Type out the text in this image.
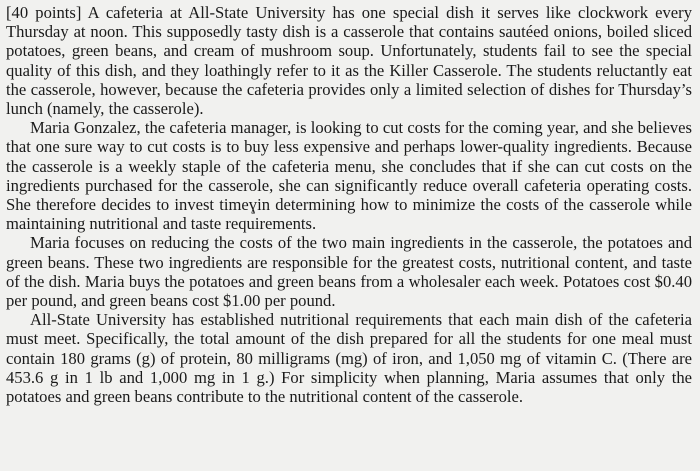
[40 points] A cafeteria at All-State University has one special dish it serves like clockwork every Thursday at noon. This supposedly tasty dish is a casserole that contains sautéed onions, boiled sliced potatoes, green beans, and cream of mushroom soup. Unfortunately, students fail to see the special quality of this dish, and they loathingly refer to it as the Killer Casserole. The students reluctantly eat the casserole, however, because the cafeteria provides only a limited selection of dishes for Thursday’s lunch (namely, the casserole).

Maria Gonzalez, the cafeteria manager, is looking to cut costs for the coming year, and she believes that one sure way to cut costs is to buy less expensive and perhaps lower-quality ingredients. Because the casserole is a weekly staple of the cafeteria menu, she concludes that if she can cut costs on the ingredients purchased for the casserole, she can significantly reduce overall cafeteria operating costs. She therefore decides to invest timeɣin determining how to minimize the costs of the casserole while maintaining nutritional and taste requirements.

Maria focuses on reducing the costs of the two main ingredients in the casserole, the potatoes and green beans. These two ingredients are responsible for the greatest costs, nutritional content, and taste of the dish. Maria buys the potatoes and green beans from a wholesaler each week. Potatoes cost $0.40 per pound, and green beans cost $1.00 per pound.

All-State University has established nutritional requirements that each main dish of the cafeteria must meet. Specifically, the total amount of the dish prepared for all the students for one meal must contain 180 grams (g) of protein, 80 milligrams (mg) of iron, and 1,050 mg of vitamin C. (There are 453.6 g in 1 lb and 1,000 mg in 1 g.) For simplicity when planning, Maria assumes that only the potatoes and green beans contribute to the nutritional content of the casserole.
